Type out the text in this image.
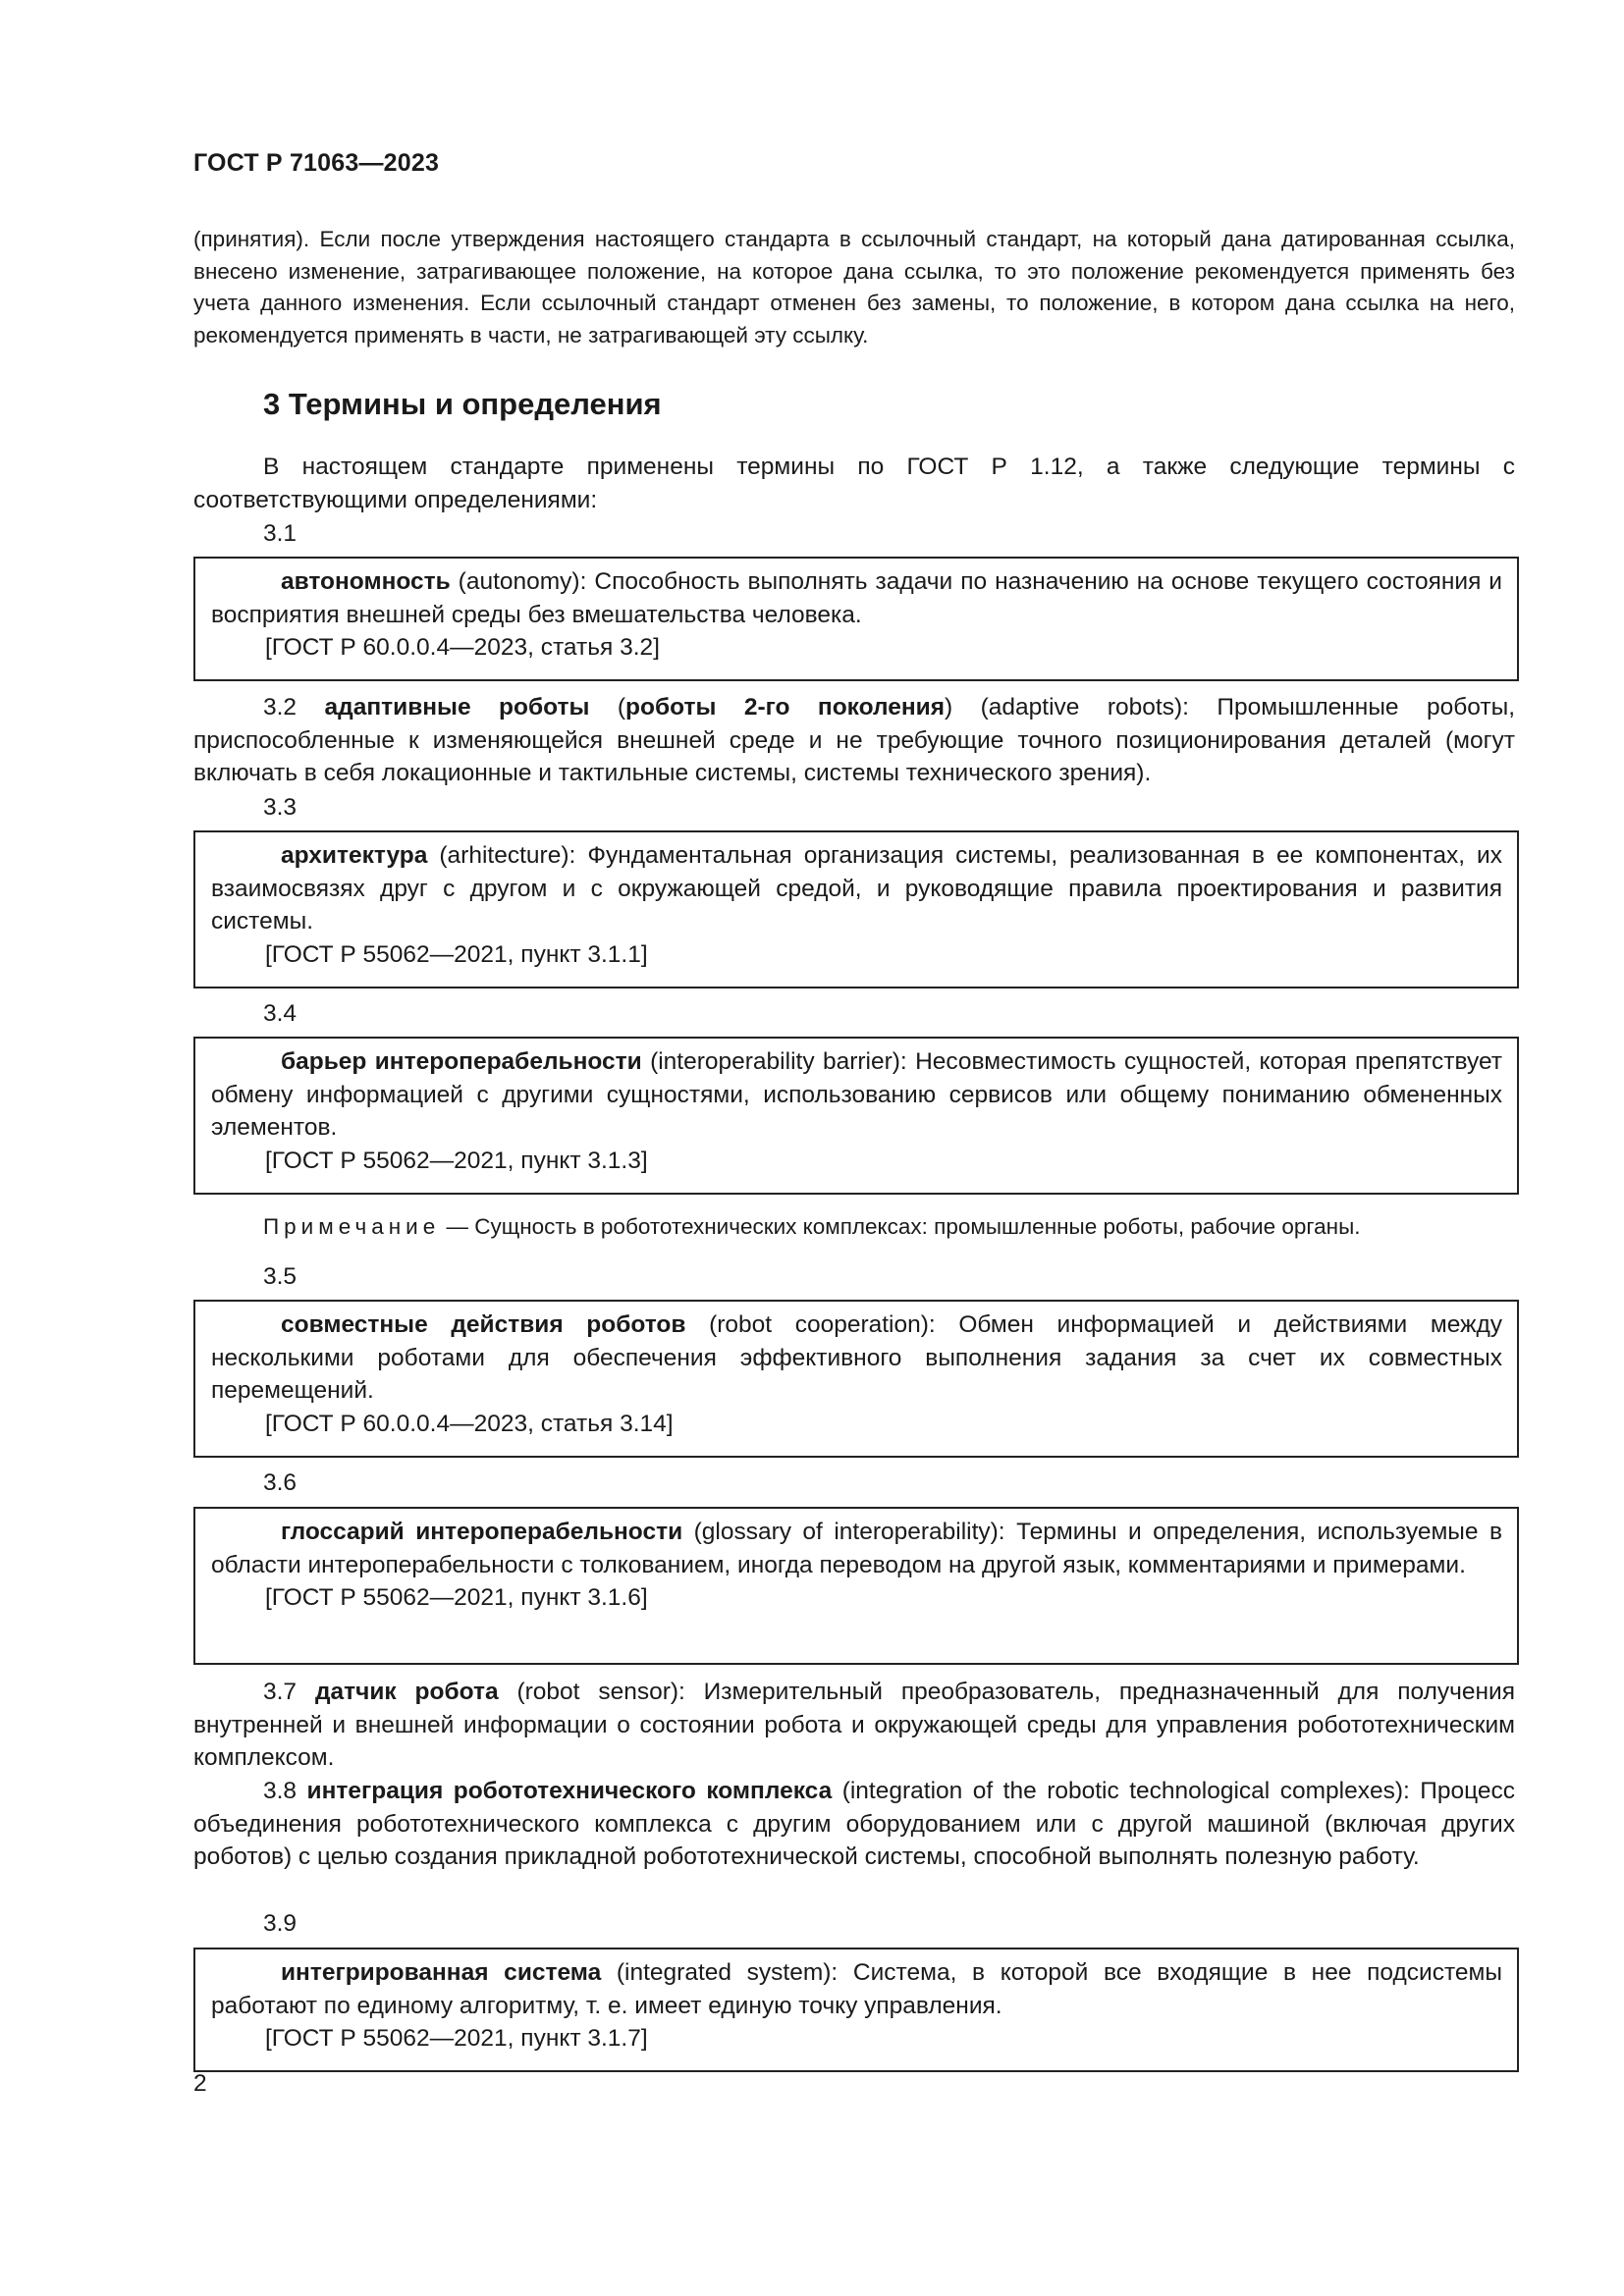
ГОСТ Р 71063—2023

(принятия). Если после утверждения настоящего стандарта в ссылочный стандарт, на который дана датированная ссылка, внесено изменение, затрагивающее положение, на которое дана ссылка, то это положение рекомендуется применять без учета данного изменения. Если ссылочный стандарт отменен без замены, то положение, в котором дана ссылка на него, рекомендуется применять в части, не затрагивающей эту ссылку.

3 Термины и определения

В настоящем стандарте применены термины по ГОСТ Р 1.12, а также следующие термины с соответствующими определениями:

3.1

автономность (autonomy): Способность выполнять задачи по назначению на основе текущего состояния и восприятия внешней среды без вмешательства человека.

[ГОСТ Р 60.0.0.4—2023, статья 3.2]

3.2 адаптивные роботы (роботы 2-го поколения) (adaptive robots): Промышленные роботы, приспособленные к изменяющейся внешней среде и не требующие точного позиционирования деталей (могут включать в себя локационные и тактильные системы, системы технического зрения).

3.3

архитектура (arhitecture): Фундаментальная организация системы, реализованная в ее компонентах, их взаимосвязях друг с другом и с окружающей средой, и руководящие правила проектирования и развития системы.

[ГОСТ Р 55062—2021, пункт 3.1.1]

3.4

барьер интероперабельности (interoperability barrier): Несовместимость сущностей, которая препятствует обмену информацией с другими сущностями, использованию сервисов или общему пониманию обмененных элементов.

[ГОСТ Р 55062—2021, пункт 3.1.3]

Примечание — Сущность в робототехнических комплексах: промышленные роботы, рабочие органы.

3.5

совместные действия роботов (robot cooperation): Обмен информацией и действиями между несколькими роботами для обеспечения эффективного выполнения задания за счет их совместных перемещений.

[ГОСТ Р 60.0.0.4—2023, статья 3.14]

3.6

глоссарий интероперабельности (glossary of interoperability): Термины и определения, используемые в области интероперабельности с толкованием, иногда переводом на другой язык, комментариями и примерами.

[ГОСТ Р 55062—2021, пункт 3.1.6]

3.7 датчик робота (robot sensor): Измерительный преобразователь, предназначенный для получения внутренней и внешней информации о состоянии робота и окружающей среды для управления робототехническим комплексом.

3.8 интеграция робототехнического комплекса (integration of the robotic technological complexes): Процесс объединения робототехнического комплекса с другим оборудованием или с другой машиной (включая других роботов) с целью создания прикладной робототехнической системы, способной выполнять полезную работу.

3.9

интегрированная система (integrated system): Система, в которой все входящие в нее подсистемы работают по единому алгоритму, т. е. имеет единую точку управления.

[ГОСТ Р 55062—2021, пункт 3.1.7]

2
